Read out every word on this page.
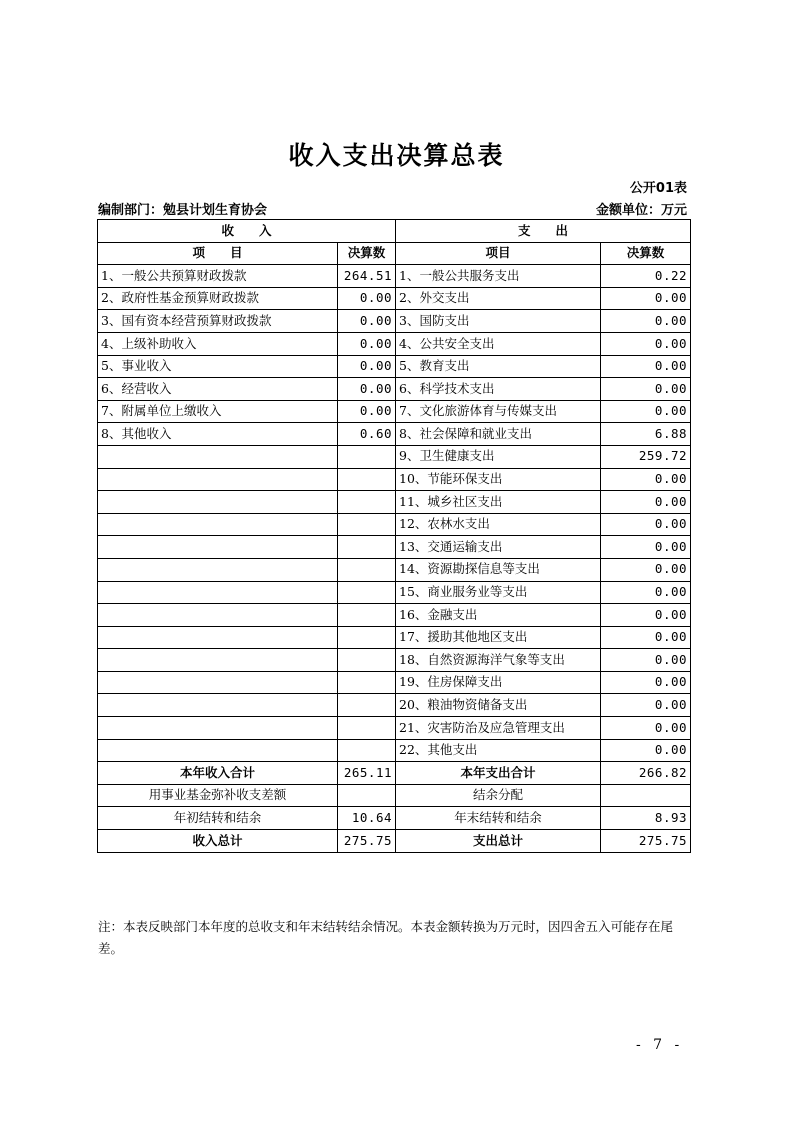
收入支出决算总表
公开01表
编制部门：勉县计划生育协会	金额单位：万元
收　　入		支　　出	
项　　目	决算数	项目	决算数
1、一般公共预算财政拨款	264.51	1、一般公共服务支出	0.22
2、政府性基金预算财政拨款	0.00	2、外交支出	0.00
3、国有资本经营预算财政拨款	0.00	3、国防支出	0.00
4、上级补助收入	0.00	4、公共安全支出	0.00
5、事业收入	0.00	5、教育支出	0.00
6、经营收入	0.00	6、科学技术支出	0.00
7、附属单位上缴收入	0.00	7、文化旅游体育与传媒支出	0.00
8、其他收入	0.60	8、社会保障和就业支出	6.88
		9、卫生健康支出	259.72
		10、节能环保支出	0.00
		11、城乡社区支出	0.00
		12、农林水支出	0.00
		13、交通运输支出	0.00
		14、资源勘探信息等支出	0.00
		15、商业服务业等支出	0.00
		16、金融支出	0.00
		17、援助其他地区支出	0.00
		18、自然资源海洋气象等支出	0.00
		19、住房保障支出	0.00
		20、粮油物资储备支出	0.00
		21、灾害防治及应急管理支出	0.00
		22、其他支出	0.00
本年收入合计	265.11	本年支出合计	266.82
用事业基金弥补收支差额		结余分配	
年初结转和结余	10.64	年末结转和结余	8.93
收入总计	275.75	支出总计	275.75
注：本表反映部门本年度的总收支和年末结转结余情况。本表金额转换为万元时，因四舍五入可能存在尾差。
- 7 -
